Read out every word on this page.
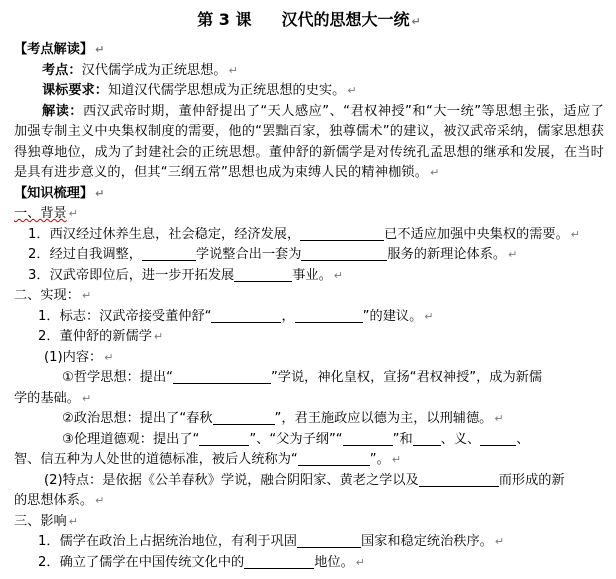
第 3 课 汉代的思想大一统 ↵
【考点解读】 ↵
考点：汉代儒学成为正统思想。 ↵
课标要求：知道汉代儒学思想成为正统思想的史实。 ↵
解读：西汉武帝时期，董仲舒提出了“天人感应”、“君权神授”和“大一统”等思想主张，适应了加强专制主义中央集权制度的需要，他的“罢黜百家，独尊儒术”的建议，被汉武帝采纳，儒家思想获得独尊地位，成为了封建社会的正统思想。董仲舒的新儒学是对传统孔孟思想的继承和发展，在当时是具有进步意义的，但其“三纲五常”思想也成为束缚人民的精神枷锁。 ↵
【知识梳理】 ↵
一、背景 ↵
1．西汉经过休养生息，社会稳定，经济发展，	已不适应加强中央集权的需要。 ↵
2．经过自我调整，	学说整合出一套为	服务的新理论体系。 ↵
3．汉武帝即位后，进一步开拓发展	事业。 ↵
二、实现： ↵
1．标志：汉武帝接受董仲舒“	，	”的建议。 ↵
2．董仲舒的新儒学 ↵
(1)内容： ↵
①哲学思想：提出“	”学说，神化皇权，宣扬“君权神授”，成为新儒
学的基础。 ↵
②政治思想：提出了“春秋	”，君王施政应以德为主，以刑辅德。 ↵
③伦理道德观：提出了“	”、“父为子纲”“	”和 、义、	、
智、信五种为人处世的道德标准，被后人统称为“	”。 ↵
(2)特点：是依据《公羊春秋》学说，融合阴阳家、黄老之学以及	而形成的新
的思想体系。 ↵
三、影响 ↵
1．儒学在政治上占据统治地位，有利于巩固	国家和稳定统治秩序。 ↵
2．确立了儒学在中国传统文化中的	地位。 ↵
